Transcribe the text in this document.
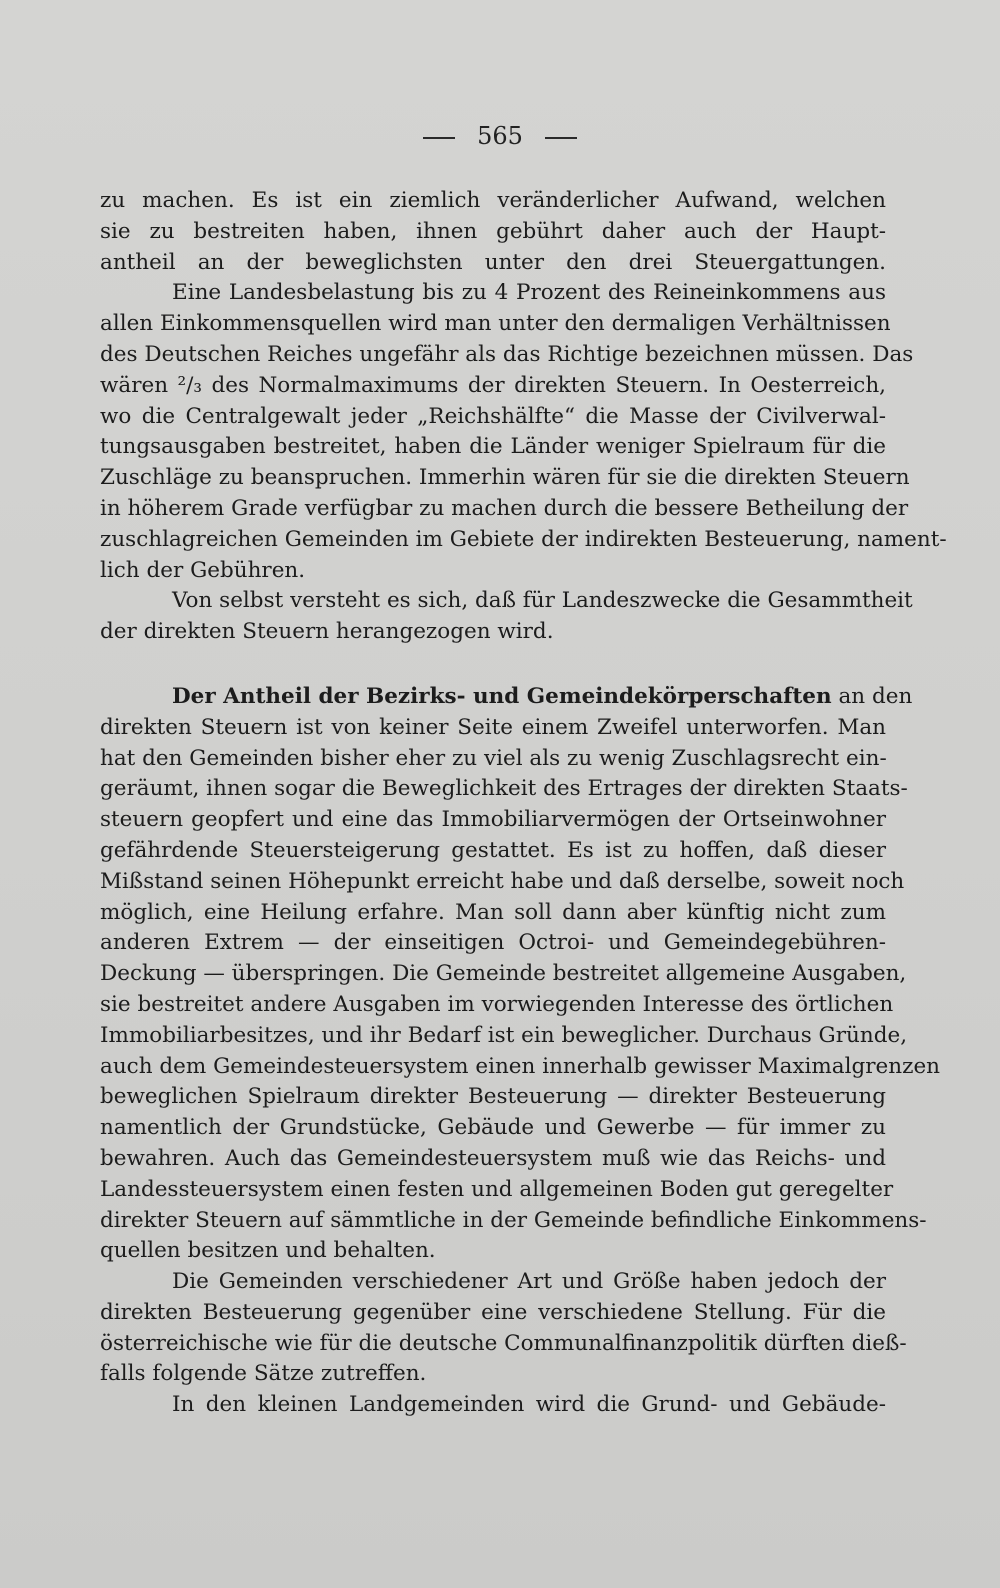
565
zu machen. Es ist ein ziemlich veränderlicher Aufwand, welchen
sie zu bestreiten haben, ihnen gebührt daher auch der Haupt-
antheil an der beweglichsten unter den drei Steuergattungen.
Eine Landesbelastung bis zu 4 Prozent des Reineinkommens aus
allen Einkommensquellen wird man unter den dermaligen Verhältnissen
des Deutschen Reiches ungefähr als das Richtige bezeichnen müssen. Das
wären ²/₃ des Normalmaximums der direkten Steuern. In Oesterreich,
wo die Centralgewalt jeder „Reichshälfte“ die Masse der Civilverwal-
tungsausgaben bestreitet, haben die Länder weniger Spielraum für die
Zuschläge zu beanspruchen. Immerhin wären für sie die direkten Steuern
in höherem Grade verfügbar zu machen durch die bessere Betheilung der
zuschlagreichen Gemeinden im Gebiete der indirekten Besteuerung, nament-
lich der Gebühren.
Von selbst versteht es sich, daß für Landeszwecke die Gesammtheit
der direkten Steuern herangezogen wird.
Der Antheil der Bezirks- und Gemeindekörperschaften an den
direkten Steuern ist von keiner Seite einem Zweifel unterworfen. Man
hat den Gemeinden bisher eher zu viel als zu wenig Zuschlagsrecht ein-
geräumt, ihnen sogar die Beweglichkeit des Ertrages der direkten Staats-
steuern geopfert und eine das Immobiliarvermögen der Ortseinwohner
gefährdende Steuersteigerung gestattet. Es ist zu hoffen, daß dieser
Mißstand seinen Höhepunkt erreicht habe und daß derselbe, soweit noch
möglich, eine Heilung erfahre. Man soll dann aber künftig nicht zum
anderen Extrem — der einseitigen Octroi- und Gemeindegebühren-
Deckung — überspringen. Die Gemeinde bestreitet allgemeine Ausgaben,
sie bestreitet andere Ausgaben im vorwiegenden Interesse des örtlichen
Immobiliarbesitzes, und ihr Bedarf ist ein beweglicher. Durchaus Gründe,
auch dem Gemeindesteuersystem einen innerhalb gewisser Maximalgrenzen
beweglichen Spielraum direkter Besteuerung — direkter Besteuerung
namentlich der Grundstücke, Gebäude und Gewerbe — für immer zu
bewahren. Auch das Gemeindesteuersystem muß wie das Reichs- und
Landessteuersystem einen festen und allgemeinen Boden gut geregelter
direkter Steuern auf sämmtliche in der Gemeinde befindliche Einkommens-
quellen besitzen und behalten.
Die Gemeinden verschiedener Art und Größe haben jedoch der
direkten Besteuerung gegenüber eine verschiedene Stellung. Für die
österreichische wie für die deutsche Communalfinanzpolitik dürften dieß-
falls folgende Sätze zutreffen.
In den kleinen Landgemeinden wird die Grund- und Gebäude-
